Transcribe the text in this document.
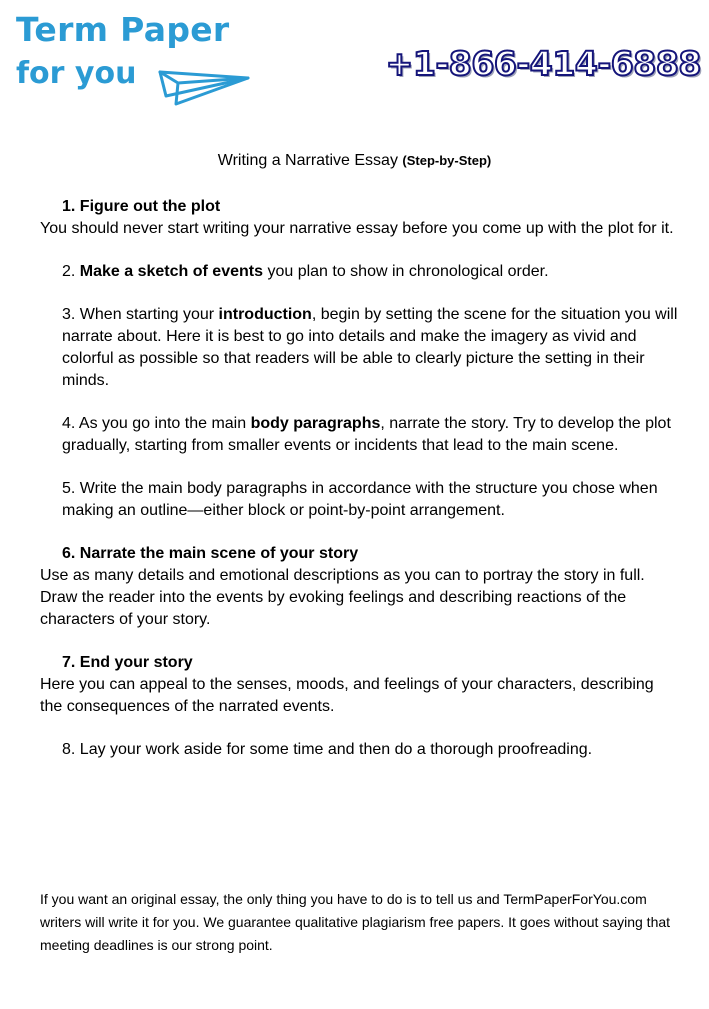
Term Paper
for you	+1-866-414-6888
Writing a Narrative Essay (Step-by-Step)

1. Figure out the plot

You should never start writing your narrative essay before you come up with the plot for it.

2. Make a sketch of events you plan to show in chronological order.

3. When starting your introduction, begin by setting the scene for the situation you will narrate about. Here it is best to go into details and make the imagery as vivid and colorful as possible so that readers will be able to clearly picture the setting in their minds.

4. As you go into the main body paragraphs, narrate the story. Try to develop the plot gradually, starting from smaller events or incidents that lead to the main scene.

5. Write the main body paragraphs in accordance with the structure you chose when making an outline—either block or point-by-point arrangement.

6. Narrate the main scene of your story

Use as many details and emotional descriptions as you can to portray the story in full. Draw the reader into the events by evoking feelings and describing reactions of the characters of your story.

7. End your story

Here you can appeal to the senses, moods, and feelings of your characters, describing the consequences of the narrated events.

8. Lay your work aside for some time and then do a thorough proofreading.

If you want an original essay, the only thing you have to do is to tell us and TermPaperForYou.com writers will write it for you. We guarantee qualitative plagiarism free papers. It goes without saying that meeting deadlines is our strong point.
